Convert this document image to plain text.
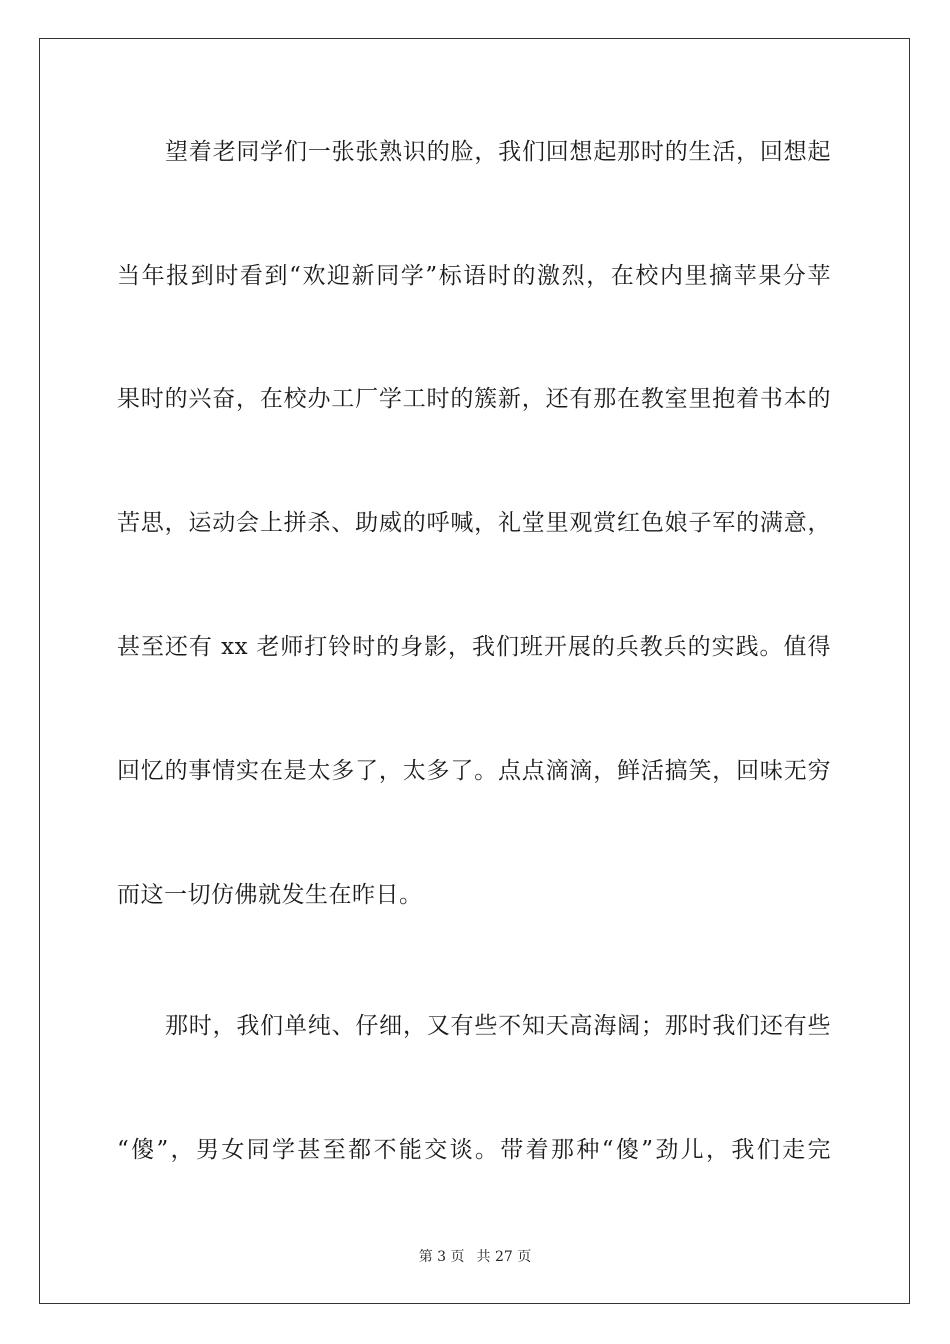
望着老同学们一张张熟识的脸，我们回想起那时的生活，回想起
当年报到时看到“欢迎新同学”标语时的激烈，在校内里摘苹果分苹
果时的兴奋，在校办工厂学工时的簇新，还有那在教室里抱着书本的
苦思，运动会上拼杀、助威的呼喊，礼堂里观赏红色娘子军的满意，
甚至还有 xx 老师打铃时的身影，我们班开展的兵教兵的实践。值得
回忆的事情实在是太多了，太多了。点点滴滴，鲜活搞笑，回味无穷
而这一切仿佛就发生在昨日。
那时，我们单纯、仔细，又有些不知天高海阔；那时我们还有些
“傻”，男女同学甚至都不能交谈。带着那种“傻”劲儿，我们走完
第 3 页 共 27 页
